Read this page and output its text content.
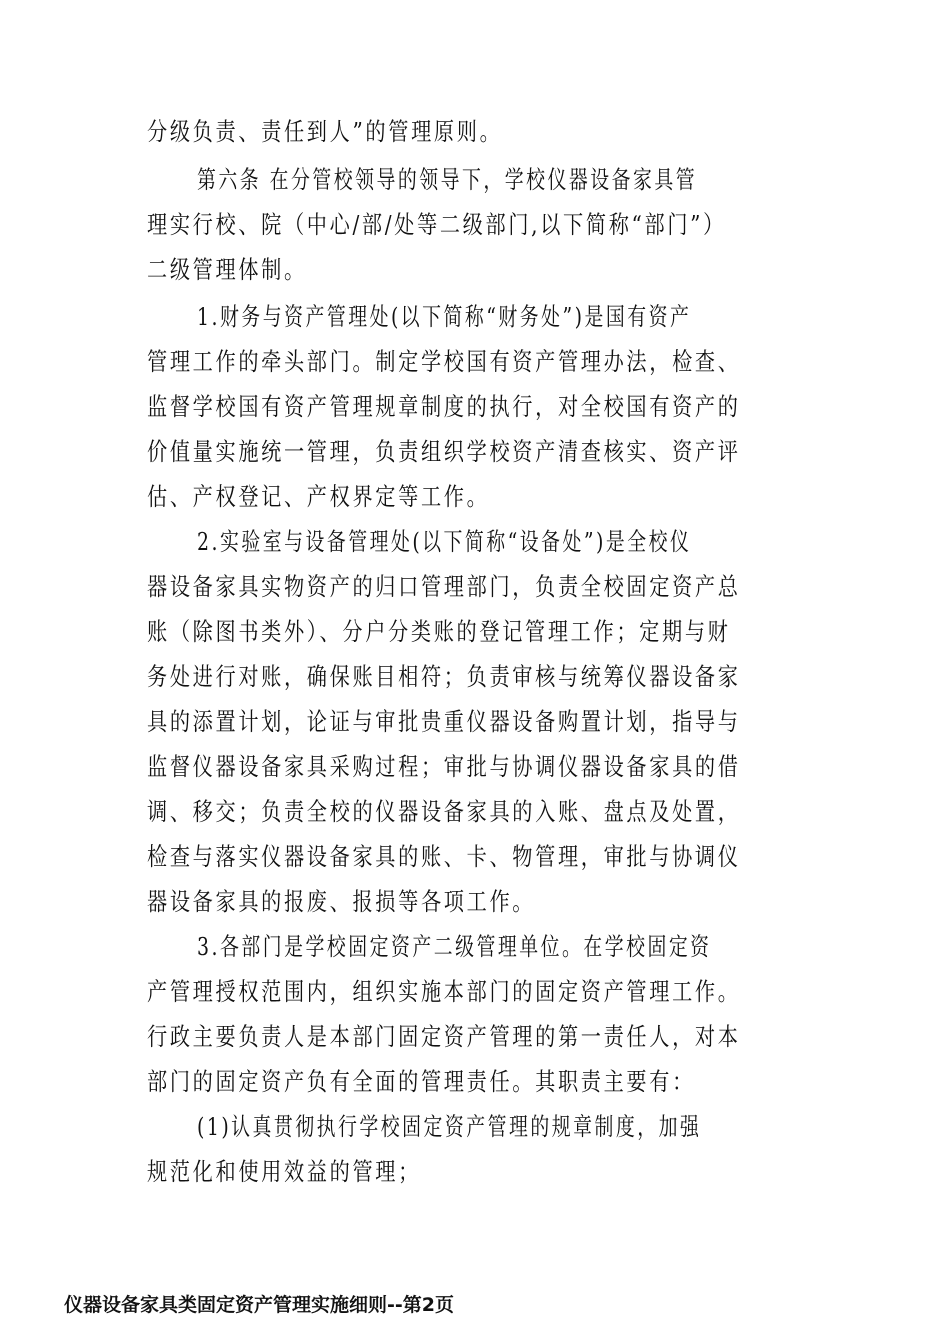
分级负责、责任到人”的管理原则。
第六条 在分管校领导的领导下，学校仪器设备家具管
理实行校、院（中心/部/处等二级部门,以下简称“部门”）
二级管理体制。
1.财务与资产管理处(以下简称“财务处”)是国有资产
管理工作的牵头部门。制定学校国有资产管理办法，检查、
监督学校国有资产管理规章制度的执行，对全校国有资产的
价值量实施统一管理，负责组织学校资产清查核实、资产评
估、产权登记、产权界定等工作。
2.实验室与设备管理处(以下简称“设备处”)是全校仪
器设备家具实物资产的归口管理部门，负责全校固定资产总
账（除图书类外）、分户分类账的登记管理工作；定期与财
务处进行对账，确保账目相符；负责审核与统筹仪器设备家
具的添置计划，论证与审批贵重仪器设备购置计划，指导与
监督仪器设备家具采购过程；审批与协调仪器设备家具的借
调、移交；负责全校的仪器设备家具的入账、盘点及处置，
检查与落实仪器设备家具的账、卡、物管理，审批与协调仪
器设备家具的报废、报损等各项工作。
3.各部门是学校固定资产二级管理单位。在学校固定资
产管理授权范围内，组织实施本部门的固定资产管理工作。
行政主要负责人是本部门固定资产管理的第一责任人，对本
部门的固定资产负有全面的管理责任。其职责主要有：
(1)认真贯彻执行学校固定资产管理的规章制度，加强
规范化和使用效益的管理；
仪器设备家具类固定资产管理实施细则--第2页
